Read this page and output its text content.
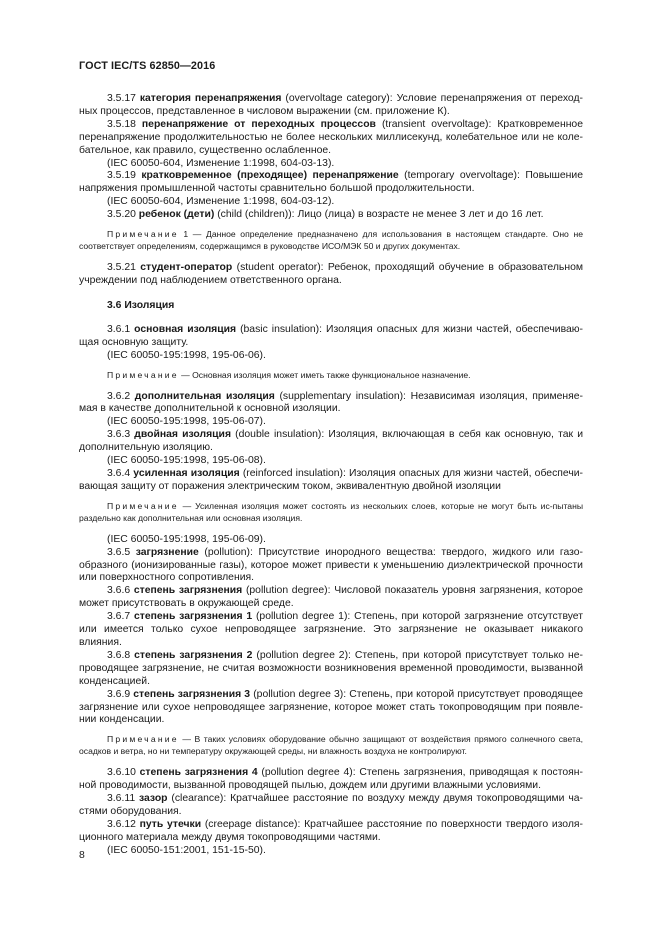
ГОСТ IEC/TS 62850—2016

3.5.17 категория перенапряжения (overvoltage category): Условие перенапряжения от переход-ных процессов, представленное в числовом выражении (см. приложение К).

3.5.18 перенапряжение от переходных процессов (transient overvoltage): Кратковременное перенапряжение продолжительностью не более нескольких миллисекунд, колебательное или не коле-бательное, как правило, существенно ослабленное.

(IEC 60050-604, Изменение 1:1998, 604-03-13).

3.5.19 кратковременное (преходящее) перенапряжение (temporary overvoltage): Повышение напряжения промышленной частоты сравнительно большой продолжительности.

(IEC 60050-604, Изменение 1:1998, 604-03-12).

3.5.20 ребенок (дети) (child (children)): Лицо (лица) в возрасте не менее 3 лет и до 16 лет.

Примечание 1 — Данное определение предназначено для использования в настоящем стандарте. Оно не соответствует определениям, содержащимся в руководстве ИСО/МЭК 50 и других документах.

3.5.21 студент-оператор (student operator): Ребенок, проходящий обучение в образовательном учреждении под наблюдением ответственного органа.

3.6 Изоляция

3.6.1 основная изоляция (basic insulation): Изоляция опасных для жизни частей, обеспечиваю-щая основную защиту.

(IEC 60050-195:1998, 195-06-06).

Примечание — Основная изоляция может иметь также функциональное назначение.

3.6.2 дополнительная изоляция (supplementary insulation): Независимая изоляция, применяе-мая в качестве дополнительной к основной изоляции.

(IEC 60050-195:1998, 195-06-07).

3.6.3 двойная изоляция (double insulation): Изоляция, включающая в себя как основную, так и дополнительную изоляцию.

(IEC 60050-195:1998, 195-06-08).

3.6.4 усиленная изоляция (reinforced insulation): Изоляция опасных для жизни частей, обеспечи-вающая защиту от поражения электрическим током, эквивалентную двойной изоляции

Примечание — Усиленная изоляция может состоять из нескольких слоев, которые не могут быть ис-пытаны раздельно как дополнительная или основная изоляция.

(IEC 60050-195:1998, 195-06-09).

3.6.5 загрязнение (pollution): Присутствие инородного вещества: твердого, жидкого или газо-образного (ионизированные газы), которое может привести к уменьшению диэлектрической прочности или поверхностного сопротивления.

3.6.6 степень загрязнения (pollution degree): Числовой показатель уровня загрязнения, которое может присутствовать в окружающей среде.

3.6.7 степень загрязнения 1 (pollution degree 1): Степень, при которой загрязнение отсутствует или имеется только сухое непроводящее загрязнение. Это загрязнение не оказывает никакого влияния.

3.6.8 степень загрязнения 2 (pollution degree 2): Степень, при которой присутствует только не-проводящее загрязнение, не считая возможности возникновения временной проводимости, вызванной конденсацией.

3.6.9 степень загрязнения 3 (pollution degree 3): Степень, при которой присутствует проводящее загрязнение или сухое непроводящее загрязнение, которое может стать токопроводящим при появле-нии конденсации.

Примечание — В таких условиях оборудование обычно защищают от воздействия прямого солнечного света, осадков и ветра, но ни температуру окружающей среды, ни влажность воздуха не контролируют.

3.6.10 степень загрязнения 4 (pollution degree 4): Степень загрязнения, приводящая к постоян-ной проводимости, вызванной проводящей пылью, дождем или другими влажными условиями.

3.6.11 зазор (clearance): Кратчайшее расстояние по воздуху между двумя токопроводящими ча-стями оборудования.

3.6.12 путь утечки (creepage distance): Кратчайшее расстояние по поверхности твердого изоля-ционного материала между двумя токопроводящими частями.

(IEC 60050-151:2001, 151-15-50).

8
